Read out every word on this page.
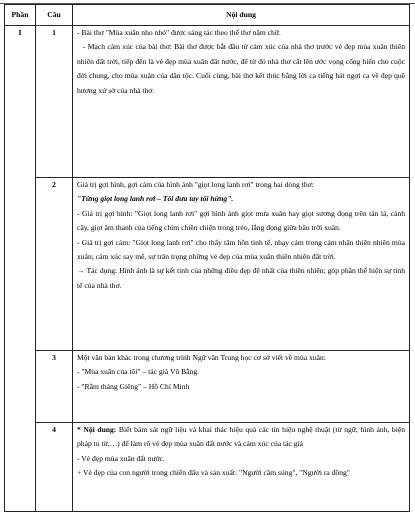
Phần	Câu	Nội dung
I	1	- Bài thơ "Mùa xuân nho nhỏ" được sáng tác theo thể thơ năm chữ.

- Mạch cảm xúc của bài thơ: Bài thơ được bắt đầu từ cảm xúc của nhà thơ trước vẻ đẹp mùa xuân thiên nhiên đất trời, tiếp đến là vẻ đẹp mùa xuân đất nước, để từ đó nhà thơ cất lên ước vọng cống hiến cho cuộc đời chung, cho mùa xuân của dân tộc. Cuối cùng, bài thơ kết thúc bằng lời ca tiếng hát ngợi ca về đẹp quê hương xứ sở của nhà thơ.

	2	Giá trị gợi hình, gợi cảm của hình ảnh "giọt long lanh rơi" trong hai dòng thơ:

"Từng giọt long lanh rơi – Tôi đưa tay tôi hứng".

- Giá trị gợi hình: "Giọt long lanh rơi" gợi hình ảnh giọt mưa xuân hay giọt sương đọng trên tán lá, cành cây, giọt âm thanh của tiếng chim chiền chiện trong trẻo, lắng đọng giữa bầu trời xuân.

- Giá trị gợi cảm: "Giọt long lanh rơi" cho thấy tâm hồn tinh tế, nhạy cảm trong cảm nhận thiên nhiên mùa xuân; cảm xúc say mê, sự trân trọng những vẻ đẹp của mùa xuân thiên nhiên đất trời.

→ Tác dụng: Hình ảnh là sự kết tinh của những điều đẹp đẽ nhất của thiên nhiên; góp phần thể hiện sự tinh tế của nhà thơ.

	3	Một văn bản khác trong chương trình Ngữ văn Trung học cơ sở viết về mùa xuân:

- "Mùa xuân của tôi" – tác giả Vũ Bằng.

- "Rằm tháng Giêng" – Hồ Chí Minh

	4	* Nội dung: Biết bám sát ngữ liệu và khai thác hiệu quả các tín hiệu nghệ thuật (từ ngữ, hình ảnh, biện pháp tu từ,…) để làm rõ vẻ đẹp mùa xuân đất nước và cảm xúc của tác giả

- Vẻ đẹp mùa xuân đất nước.

+ Vẻ đẹp của con người trong chiến đấu và sản xuất: "Người cầm súng", "Người ra đồng"
